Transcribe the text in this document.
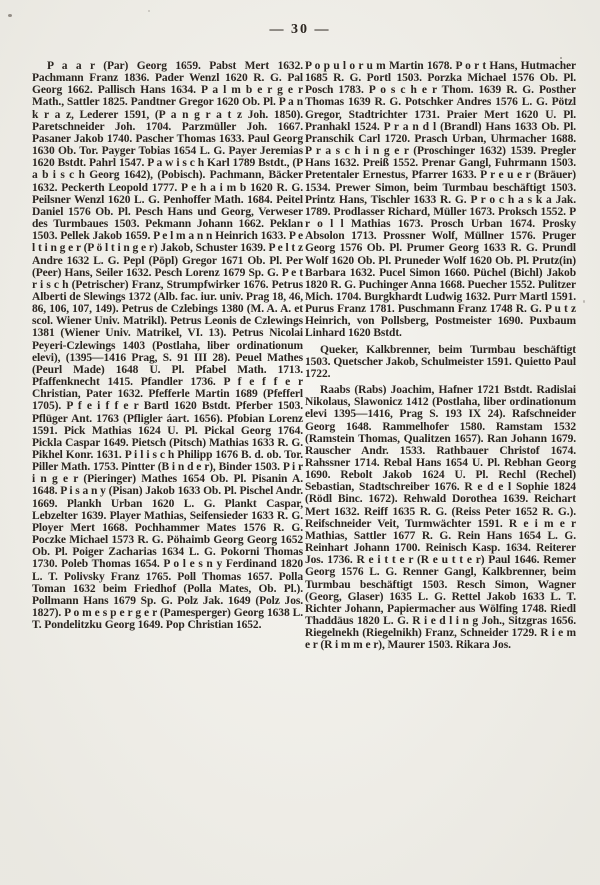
— 30 —

P a a r (Par) Georg 1659. Pabst Mert 1632. Pachmann Franz 1836. Pader Wenzl 1620 R. G. Pal Georg 1662. Pallisch Hans 1634. P a l m b e r g e r Math., Sattler 1825. Pandtner Gregor 1620 Ob. Pl. P a n k r a z, Lederer 1591, (P a n g r a t z Joh. 1850). Paretschneider Joh. 1704. Parzmüller Joh. 1667. Pasaner Jakob 1740. Pascher Thomas 1633. Paul Georg 1630 Ob. Tor. Payger Tobias 1654 L. G. Payer Jeremias 1620 Bstdt. Pahrl 1547. P a w i s c h Karl 1789 Bstdt., (P a b i s c h Georg 1642), (Pobisch). Pachmann, Bäcker 1632. Peckerth Leopold 1777. P e h a i m b 1620 R. G. Peilsner Wenzl 1620 L. G. Penhoffer Math. 1684. Peitel Daniel 1576 Ob. Pl. Pesch Hans und Georg, Verweser des Turmbaues 1503. Pekmann Johann 1662. Peklan 1503. Pellek Jakob 1659. P e l m a n n Heinrich 1633. P e l t i n g e r (P ö l t i n g e r) Jakob, Schuster 1639. P e l t z Andre 1632 L. G. Pepl (Pöpl) Gregor 1671 Ob. Pl. Per (Peer) Hans, Seiler 1632. Pesch Lorenz 1679 Sp. G. P e t r i s c h (Petrischer) Franz, Strumpfwirker 1676. Petrus Alberti de Slewings 1372 (Alb. fac. iur. univ. Prag 18, 46, 86, 106, 107, 149). Petrus de Czlebings 1380 (M. A. A. et scol. Wiener Univ. Matrikl). Petrus Leonis de Czlewings 1381 (Wiener Univ. Matrikel, VI. 13). Petrus Nicolai Peyeri-Czlewings 1403 (Postlaha, liber ordinationum elevi), (1395—1416 Prag, S. 91 III 28). Peuel Mathes (Peurl Made) 1648 U. Pl. Pfabel Math. 1713. Pfaffenknecht 1415. Pfandler 1736. P f e f f e r Christian, Pater 1632. Pfefferle Martin 1689 (Pfefferl 1705). P f e i f f e r Bartl 1620 Bstdt. Pferber 1503. Pflüger Ant. 1763 (Pfligler áart. 1656). Pfobian Lorenz 1591. Pick Mathias 1624 U. Pl. Pickal Georg 1764. Pickla Caspar 1649. Pietsch (Pitsch) Mathias 1633 R. G. Pikhel Konr. 1631. P i l i s c h Philipp 1676 B. d. ob. Tor. Piller Math. 1753. Pintter (B i n d e r), Binder 1503. P i r i n g e r (Pieringer) Mathes 1654 Ob. Pl. Pisanin A. 1648. P i s a n y (Pisan) Jakob 1633 Ob. Pl. Pischel Andr. 1669. Plankh Urban 1620 L. G. Plankt Caspar, Lebzelter 1639. Player Mathias, Seifensieder 1633 R. G. Ployer Mert 1668. Pochhammer Mates 1576 R. G. Poczke Michael 1573 R. G. Pöhaimb Georg Georg 1652 Ob. Pl. Poiger Zacharias 1634 L. G. Pokorni Thomas 1730. Poleb Thomas 1654. P o l e s n y Ferdinand 1820 L. T. Polivsky Franz 1765. Poll Thomas 1657. Polla Toman 1632 beim Friedhof (Polla Mates, Ob. Pl.). Pollmann Hans 1679 Sp. G. Polz Jak. 1649 (Polz Jos. 1827). P o m e s p e r g e r (Pamesperger) Georg 1638 L. T. Pondelitzku Georg 1649. Pop Christian 1652.

P o p u l o r u m Martin 1678. P o r t Hans, Hutmacher 1685 R. G. Portl 1503. Porzka Michael 1576 Ob. Pl. Posch 1783. P o s c h e r Thom. 1639 R. G. Posther Thomas 1639 R. G. Potschker Andres 1576 L. G. Pötzl Gregor, Stadtrichter 1731. Praier Mert 1620 U. Pl. Pranhakl 1524. P r a n d l (Brandl) Hans 1633 Ob. Pl. Pranschik Carl 1720. Prasch Urban, Uhrmacher 1688. P r a s c h i n g e r (Proschinger 1632) 1539. Pregler Hans 1632. Preiß 1552. Prenar Gangl, Fuhrmann 1503. Pretentaler Ernestus, Pfarrer 1633. P r e u e r (Bräuer) 1534. Prewer Simon, beim Turmbau beschäftigt 1503. Printz Hans, Tischler 1633 R. G. P r o c h a s k a Jak. 1789. Prodlasser Richard, Müller 1673. Proksch 1552. P r o l l Mathias 1673. Prosch Urban 1674. Prosky Absolon 1713. Prossner Wolf, Müllner 1576. Pruger Georg 1576 Ob. Pl. Prumer Georg 1633 R. G. Prundl Wolf 1620 Ob. Pl. Pruneder Wolf 1620 Ob. Pl. Prutz(in) Barbara 1632. Pucel Simon 1660. Püchel (Bichl) Jakob 1820 R. G. Puchinger Anna 1668. Puecher 1552. Pulitzer Mich. 1704. Burgkhardt Ludwig 1632. Purr Martl 1591. Purus Franz 1781. Puschmann Franz 1748 R. G. P u t z Heinrich, von Pollsberg, Postmeister 1690. Puxbaum Linhard 1620 Bstdt.

Queker, Kalkbrenner, beim Turmbau beschäftigt 1503. Quetscher Jakob, Schulmeister 1591. Quietto Paul 1722.

Raabs (Rabs) Joachim, Hafner 1721 Bstdt. Radislai Nikolaus, Slawonicz 1412 (Postlaha, liber ordinationum elevi 1395—1416, Prag S. 193 IX 24). Rafschneider Georg 1648. Rammelhofer 1580. Ramstam 1532 (Ramstein Thomas, Qualitzen 1657). Ran Johann 1679. Rauscher Andr. 1533. Rathbauer Christof 1674. Rahssner 1714. Rebal Hans 1654 U. Pl. Rebhan Georg 1690. Rebolt Jakob 1624 U. Pl. Rechl (Rechel) Sebastian, Stadtschreiber 1676. R e d e l Sophie 1824 (Rödl Binc. 1672). Rehwald Dorothea 1639. Reichart Mert 1632. Reiff 1635 R. G. (Reiss Peter 1652 R. G.). Reifschneider Veit, Turmwächter 1591. R e i m e r Mathias, Sattler 1677 R. G. Rein Hans 1654 L. G. Reinhart Johann 1700. Reinisch Kasp. 1634. Reiterer Jos. 1736. R e i t t e r (R e u t t e r) Paul 1646. Remer Georg 1576 L. G. Renner Gangl, Kalkbrenner, beim Turmbau beschäftigt 1503. Resch Simon, Wagner (Georg, Glaser) 1635 L. G. Rettel Jakob 1633 L. T. Richter Johann, Papiermacher aus Wölfing 1748. Riedl Thaddäus 1820 L. G. R i e d l i n g Joh., Sitzgras 1656. Riegelnekh (Riegelnikh) Franz, Schneider 1729. R i e m e r (R i m m e r), Maurer 1503. Rikara Jos.
